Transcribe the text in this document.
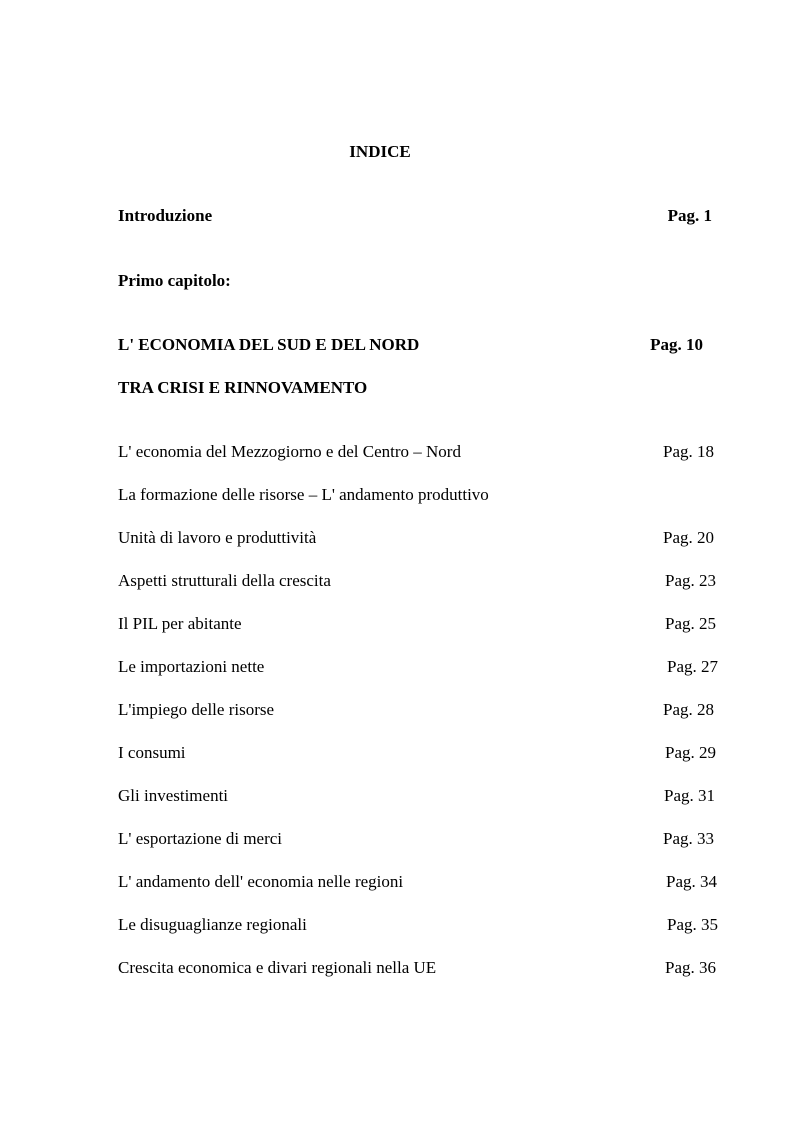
INDICE
Introduzione	Pag. 1
Primo capitolo:
L' ECONOMIA DEL SUD E DEL NORD	Pag. 10
TRA CRISI E RINNOVAMENTO
L' economia del Mezzogiorno e del Centro – Nord	Pag. 18
La formazione delle risorse – L' andamento produttivo
Unità di lavoro e produttività	Pag. 20
Aspetti strutturali della crescita	Pag. 23
Il PIL per abitante	Pag. 25
Le importazioni nette	Pag. 27
L'impiego delle risorse	Pag. 28
I consumi	Pag. 29
Gli investimenti	Pag. 31
L' esportazione di merci	Pag. 33
L' andamento dell' economia nelle regioni	Pag. 34
Le disuguaglianze regionali	Pag. 35
Crescita economica e divari regionali nella UE	Pag. 36
